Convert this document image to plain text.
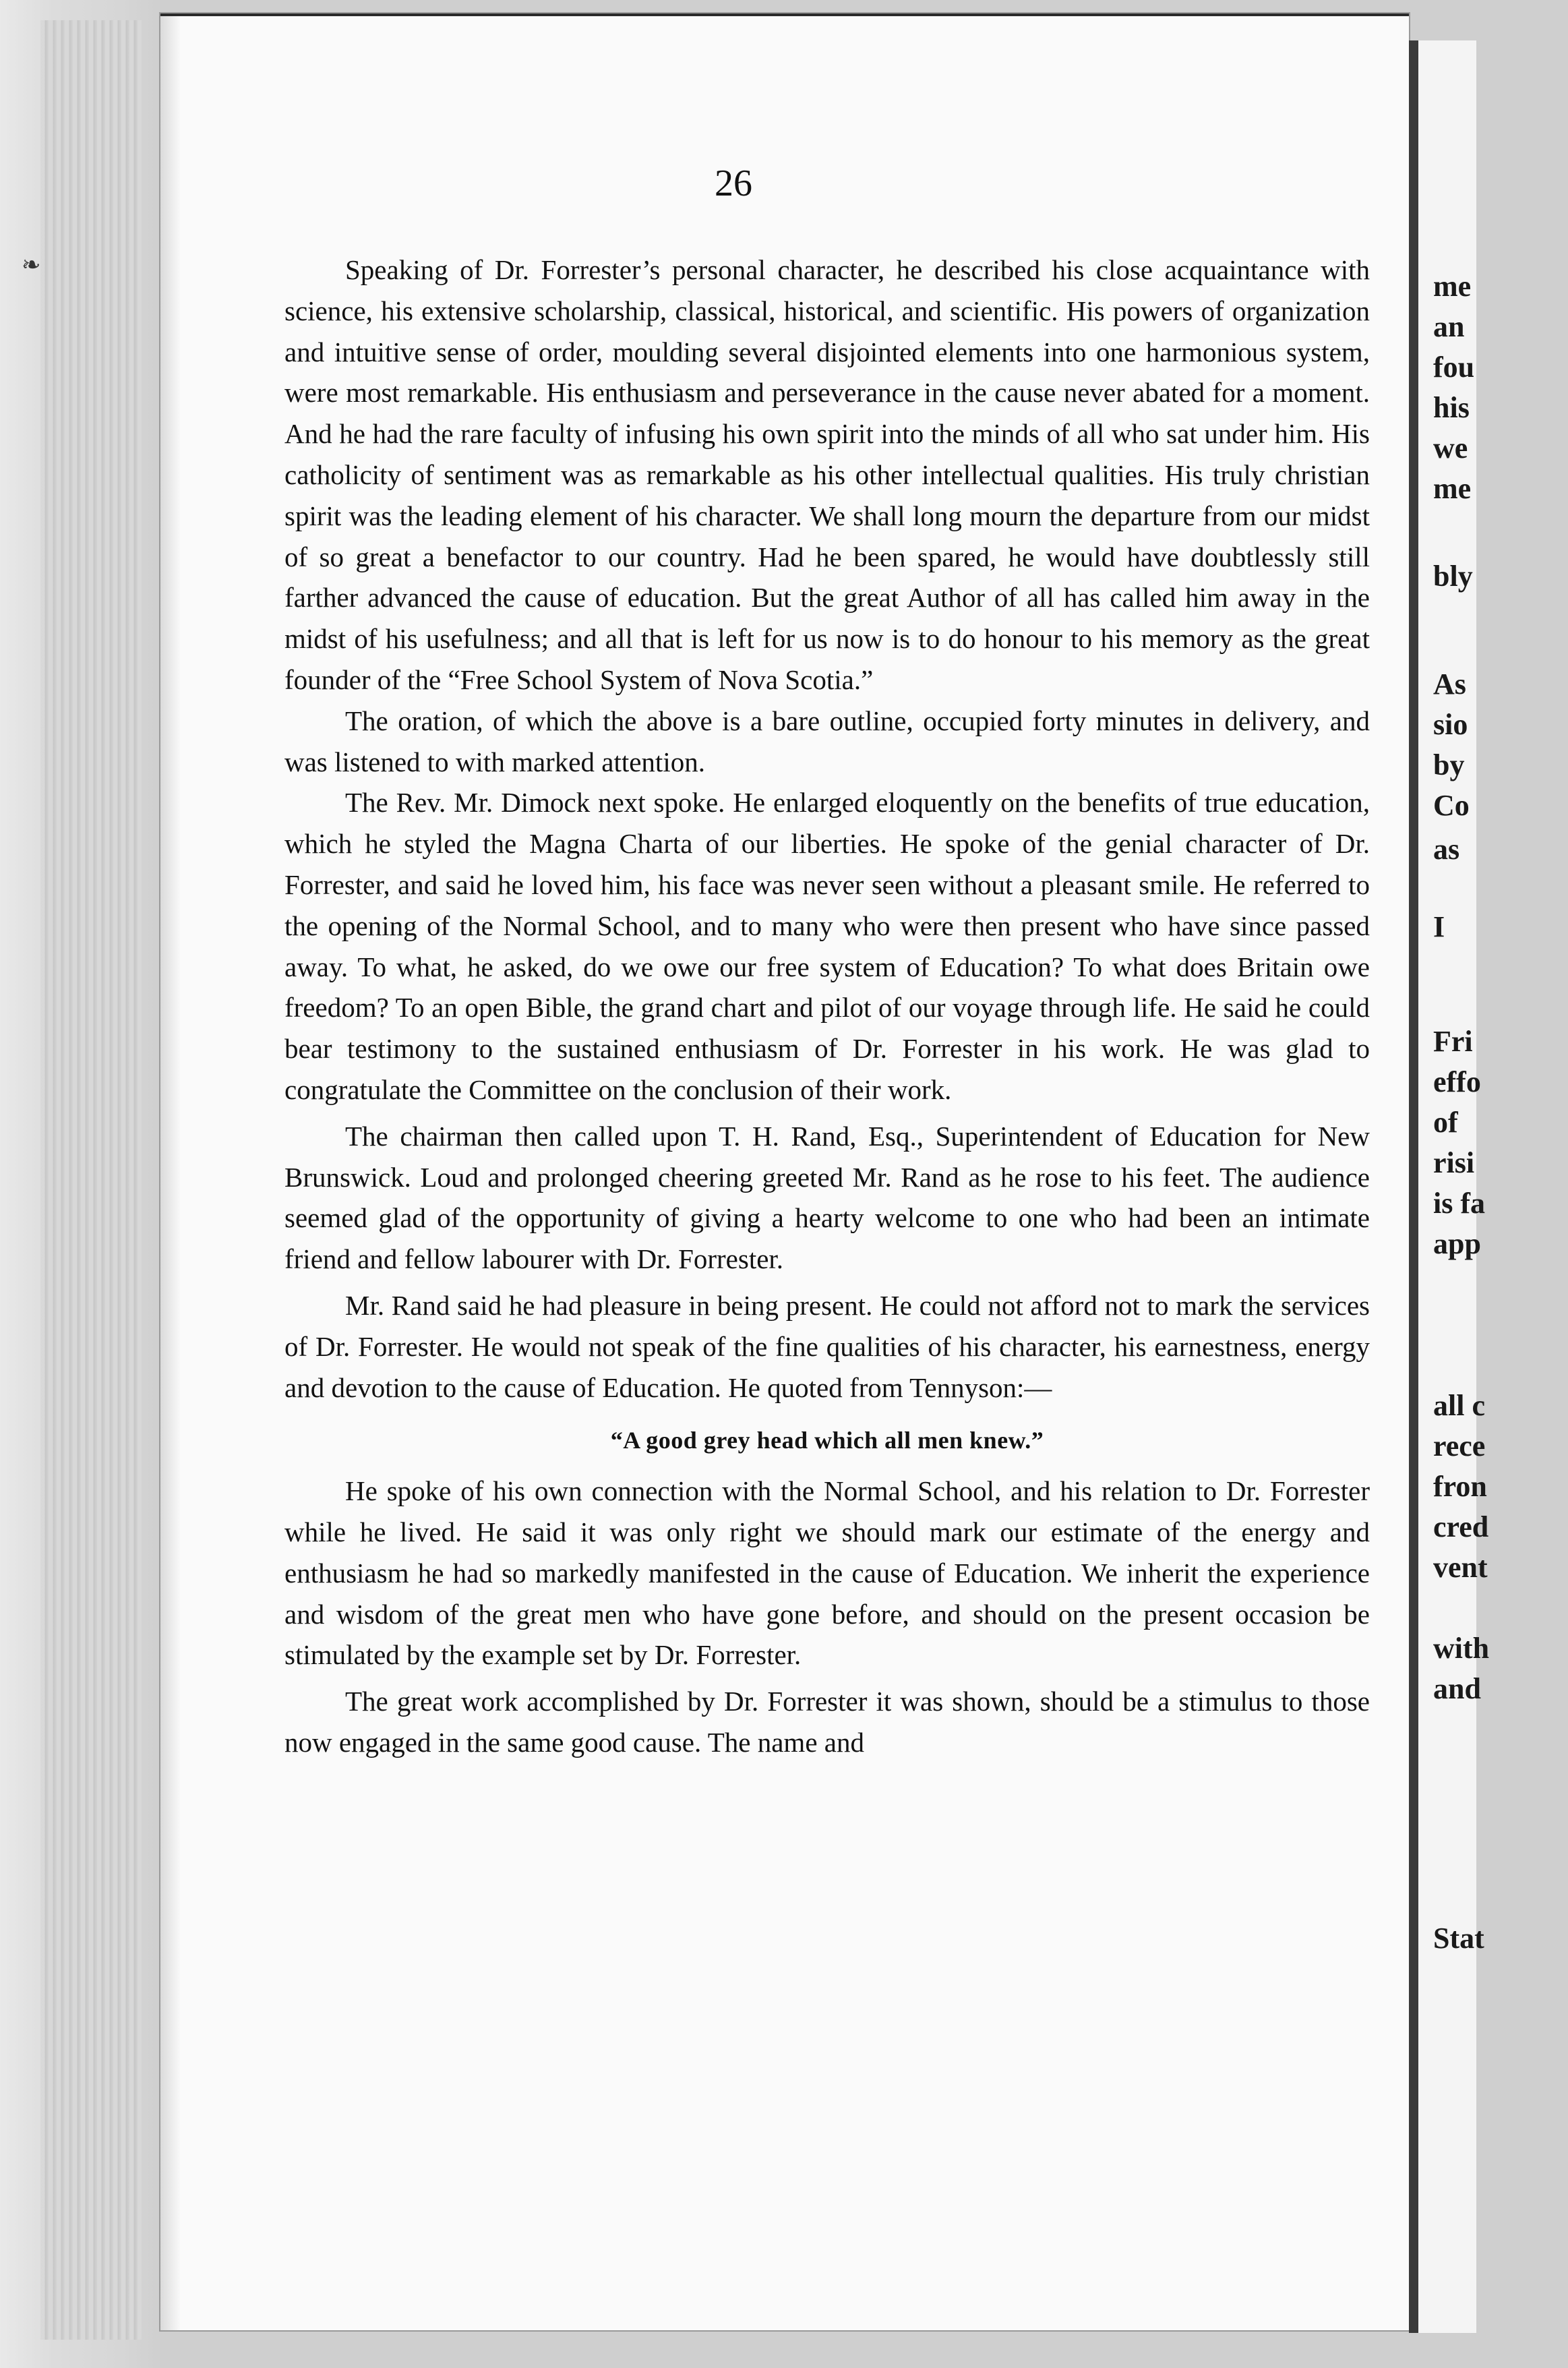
❧
26

Speaking of Dr. Forrester’s personal character, he described his close acquaintance with science, his extensive scholarship, classical, historical, and scientific. His powers of organization and intuitive sense of order, moulding several disjointed elements into one harmonious system, were most remarkable. His enthusiasm and perseverance in the cause never abated for a moment. And he had the rare faculty of infusing his own spirit into the minds of all who sat under him. His catholicity of sentiment was as remarkable as his other intellectual qualities. His truly christian spirit was the leading element of his character. We shall long mourn the departure from our midst of so great a benefactor to our country. Had he been spared, he would have doubtlessly still farther advanced the cause of education. But the great Author of all has called him away in the midst of his usefulness; and all that is left for us now is to do honour to his memory as the great founder of the “Free School System of Nova Scotia.”

The oration, of which the above is a bare outline, occupied forty minutes in delivery, and was listened to with marked attention.

The Rev. Mr. Dimock next spoke. He enlarged eloquently on the benefits of true education, which he styled the Magna Charta of our liberties. He spoke of the genial character of Dr. Forrester, and said he loved him, his face was never seen without a pleasant smile. He referred to the opening of the Normal School, and to many who were then present who have since passed away. To what, he asked, do we owe our free system of Education? To what does Britain owe freedom? To an open Bible, the grand chart and pilot of our voyage through life. He said he could bear testimony to the sustained enthusiasm of Dr. Forrester in his work. He was glad to congratulate the Committee on the conclusion of their work.

The chairman then called upon T. H. Rand, Esq., Superintendent of Education for New Brunswick. Loud and prolonged cheering greeted Mr. Rand as he rose to his feet. The audience seemed glad of the opportunity of giving a hearty welcome to one who had been an intimate friend and fellow labourer with Dr. Forrester.

Mr. Rand said he had pleasure in being present. He could not afford not to mark the services of Dr. Forrester. He would not speak of the fine qualities of his character, his earnestness, energy and devotion to the cause of Education. He quoted from Tennyson:—

“A good grey head which all men knew.”

He spoke of his own connection with the Normal School, and his relation to Dr. Forrester while he lived. He said it was only right we should mark our estimate of the energy and enthusiasm he had so markedly manifested in the cause of Education. We inherit the experience and wisdom of the great men who have gone before, and should on the present occasion be stimulated by the example set by Dr. Forrester.

The great work accomplished by Dr. Forrester it was shown, should be a stimulus to those now engaged in the same good cause. The name and

me
an
fou
his
we
me
bly
As
sio
by
Co
as
I
Fri
effo
of
risi
is fa
app
all c
rece
fron
cred
vent
with
and
Stat
